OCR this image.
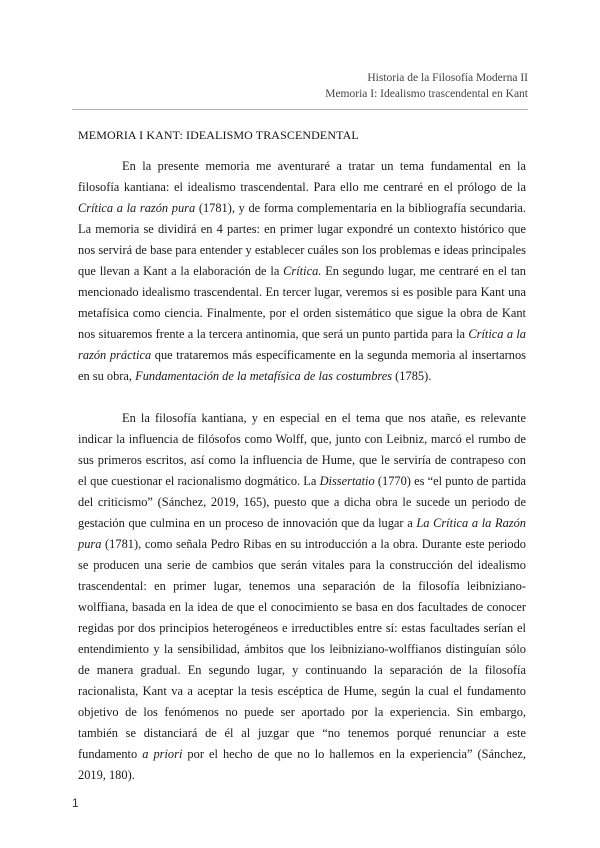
Historia de la Filosofía Moderna II
Memoria I: Idealismo trascendental en Kant
MEMORIA I KANT: IDEALISMO TRASCENDENTAL

En la presente memoria me aventuraré a tratar un tema fundamental en la filosofía kantiana: el idealismo trascendental. Para ello me centraré en el prólogo de la Crítica a la razón pura (1781), y de forma complementaria en la bibliografía secundaria. La memoria se dividirá en 4 partes: en primer lugar expondré un contexto histórico que nos servirá de base para entender y establecer cuáles son los problemas e ideas principales que llevan a Kant a la elaboración de la Crítica. En segundo lugar, me centraré en el tan mencionado idealismo trascendental. En tercer lugar, veremos si es posible para Kant una metafísica como ciencia. Finalmente, por el orden sistemático que sigue la obra de Kant nos situaremos frente a la tercera antinomia, que será un punto partida para la Crítica a la razón práctica que trataremos más específicamente en la segunda memoria al insertarnos en su obra, Fundamentación de la metafísica de las costumbres (1785).

En la filosofía kantiana, y en especial en el tema que nos atañe, es relevante indicar la influencia de filósofos como Wolff, que, junto con Leibniz, marcó el rumbo de sus primeros escritos, así como la influencia de Hume, que le serviría de contrapeso con el que cuestionar el racionalismo dogmático. La Dissertatio (1770) es “el punto de partida del criticismo” (Sánchez, 2019, 165), puesto que a dicha obra le sucede un periodo de gestación que culmina en un proceso de innovación que da lugar a La Crítica a la Razón pura (1781), como señala Pedro Ribas en su introducción a la obra. Durante este periodo se producen una serie de cambios que serán vitales para la construcción del idealismo trascendental: en primer lugar, tenemos una separación de la filosofía leibniziano-wolffiana, basada en la idea de que el conocimiento se basa en dos facultades de conocer regidas por dos principios heterogéneos e irreductibles entre sí: estas facultades serían el entendimiento y la sensibilidad, ámbitos que los leibniziano-wolffianos distinguían sólo de manera gradual. En segundo lugar, y continuando la separación de la filosofía racionalista, Kant va a aceptar la tesis escéptica de Hume, según la cual el fundamento objetivo de los fenómenos no puede ser aportado por la experiencia. Sin embargo, también se distanciará de él al juzgar que “no tenemos porqué renunciar a este fundamento a priori por el hecho de que no lo hallemos en la experiencia” (Sánchez, 2019, 180).

1
